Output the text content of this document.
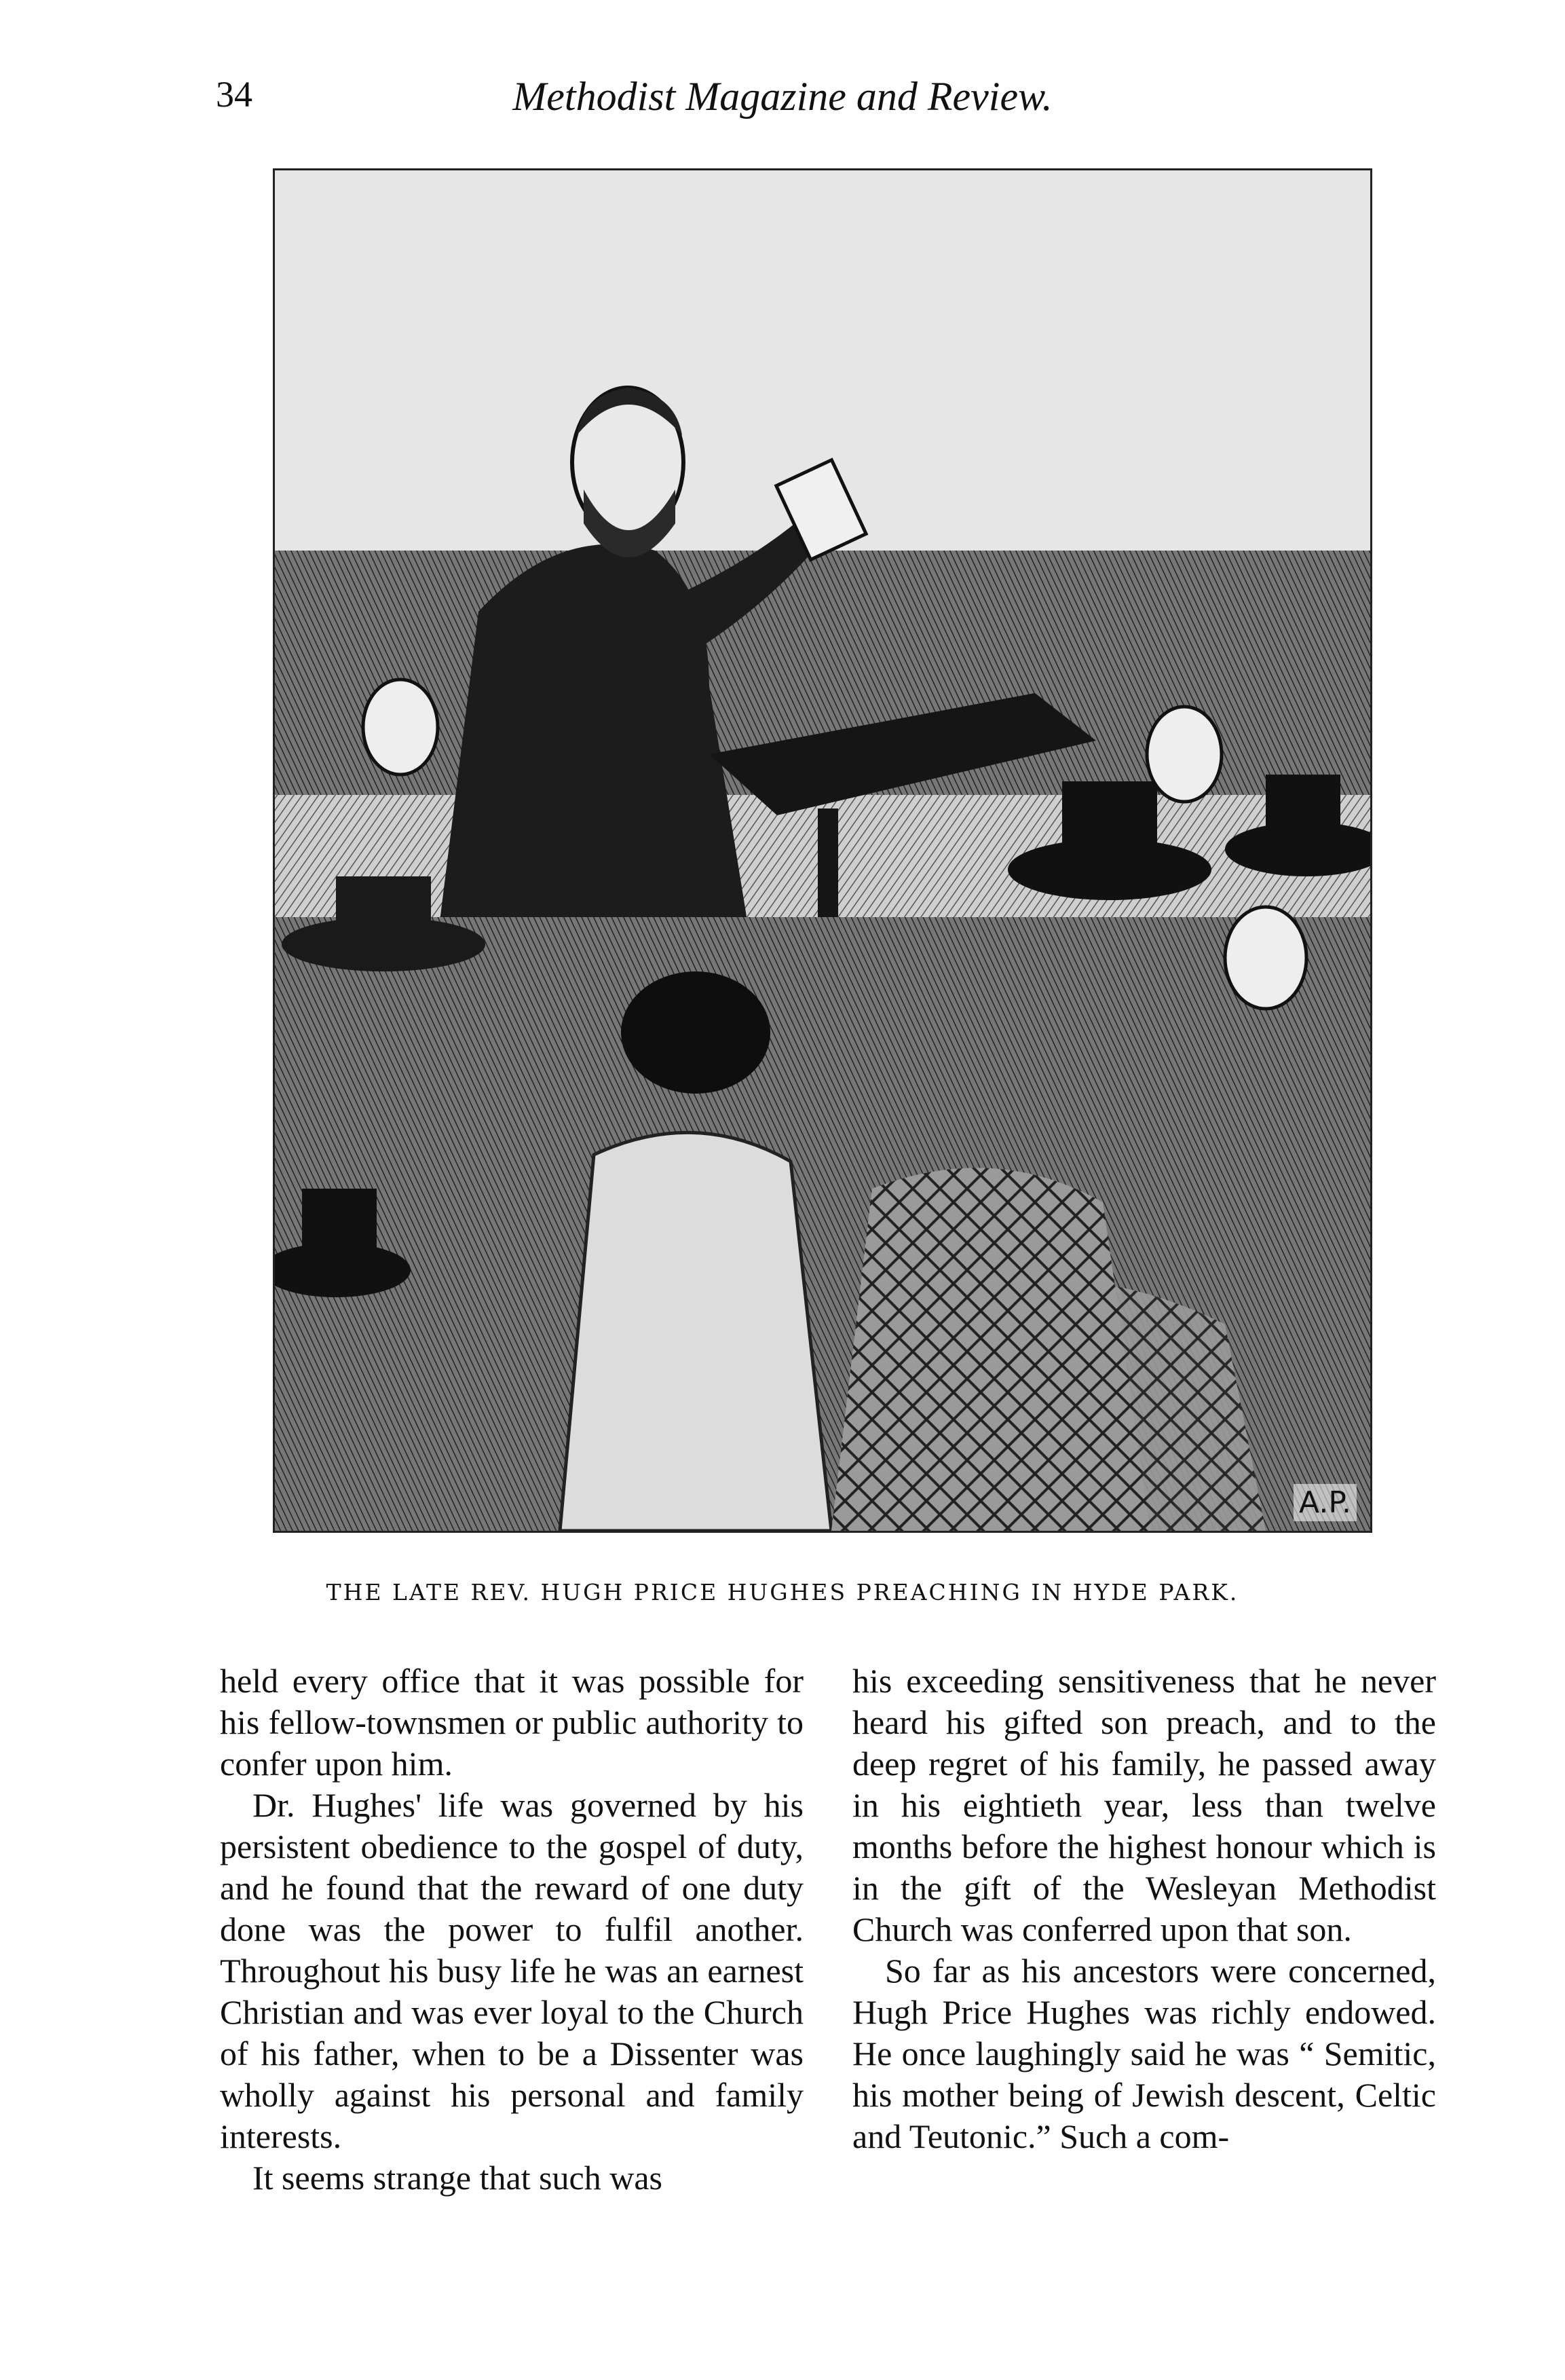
34	Methodist Magazine and Review.
A.P.
THE LATE REV. HUGH PRICE HUGHES PREACHING IN HYDE PARK.

held every office that it was possible for his fellow-townsmen or public authority to confer upon him.

Dr. Hughes' life was governed by his persistent obedience to the gospel of duty, and he found that the reward of one duty done was the power to fulfil another. Throughout his busy life he was an earnest Christian and was ever loyal to the Church of his father, when to be a Dissenter was wholly against his personal and family interests.

It seems strange that such was

his exceeding sensitiveness that he never heard his gifted son preach, and to the deep regret of his family, he passed away in his eightieth year, less than twelve months before the highest honour which is in the gift of the Wesleyan Methodist Church was conferred upon that son.

So far as his ancestors were concerned, Hugh Price Hughes was richly endowed. He once laughingly said he was “ Semitic, his mother being of Jewish descent, Celtic and Teutonic.” Such a com-
